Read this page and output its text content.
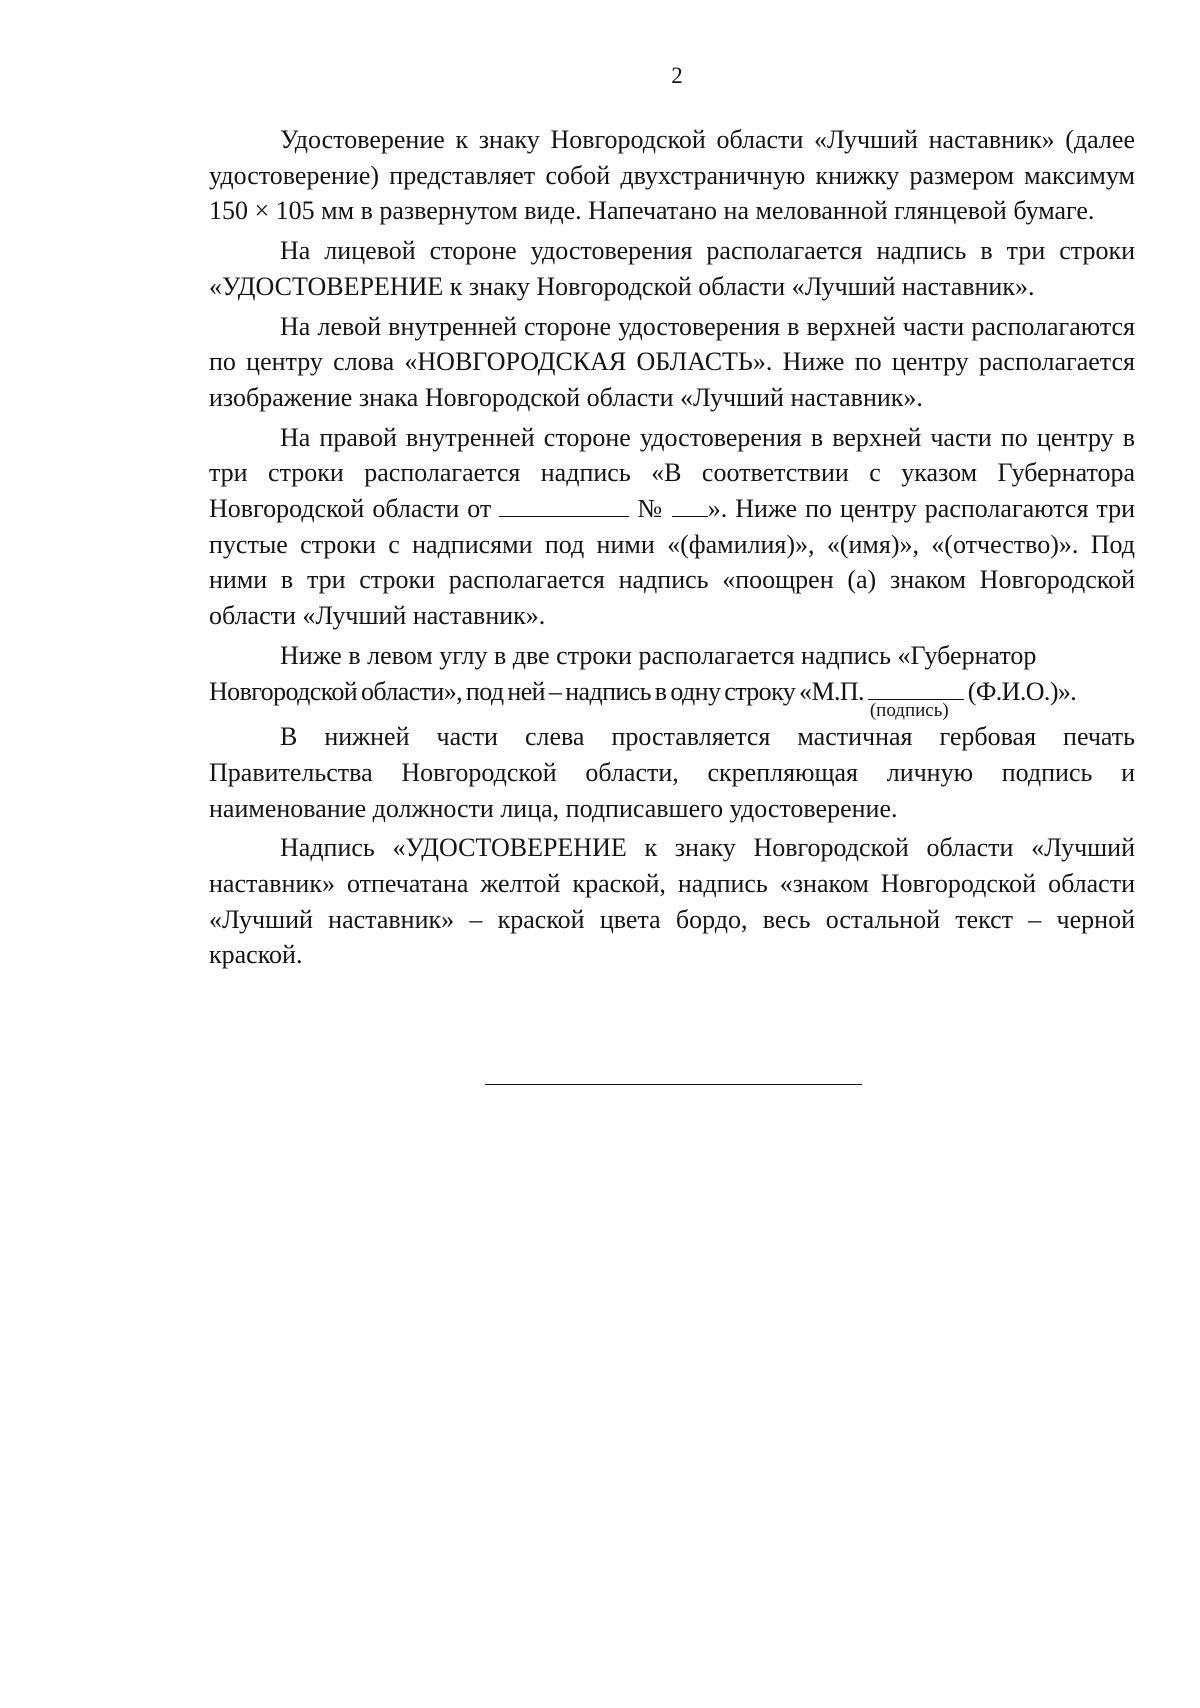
2

Удостоверение к знаку Новгородской области «Лучший наставник» (далее удостоверение) представляет собой двухстраничную книжку размером максимум 150 × 105 мм в развернутом виде. Напечатано на мелованной глянцевой бумаге.

На лицевой стороне удостоверения располагается надпись в три строки «УДОСТОВЕРЕНИЕ к знаку Новгородской области «Лучший наставник».

На левой внутренней стороне удостоверения в верхней части располагаются по центру слова «НОВГОРОДСКАЯ ОБЛАСТЬ». Ниже по центру располагается изображение знака Новгородской области «Лучший наставник».

На правой внутренней стороне удостоверения в верхней части по центру в три строки располагается надпись «В соответствии с указом Губернатора Новгородской области от	№ ». Ниже по центру располагаются три пустые строки с надписями под ними «(фамилия)», «(имя)», «(отчество)». Под ними в три строки располагается надпись «поощрен (а) знаком Новгородской области «Лучший наставник».

Ниже в левом углу в две строки располагается надпись «Губернатор
Новгородской области», под ней – надпись в одну строку «М.П.
(подпись)
(Ф.И.О.)».

В нижней части слева проставляется мастичная гербовая печать Правительства Новгородской области, скрепляющая личную подпись и наименование должности лица, подписавшего удостоверение.

Надпись «УДОСТОВЕРЕНИЕ к знаку Новгородской области «Лучший наставник» отпечатана желтой краской, надпись «знаком Новгородской области «Лучший наставник» – краской цвета бордо, весь остальной текст – черной краской.
